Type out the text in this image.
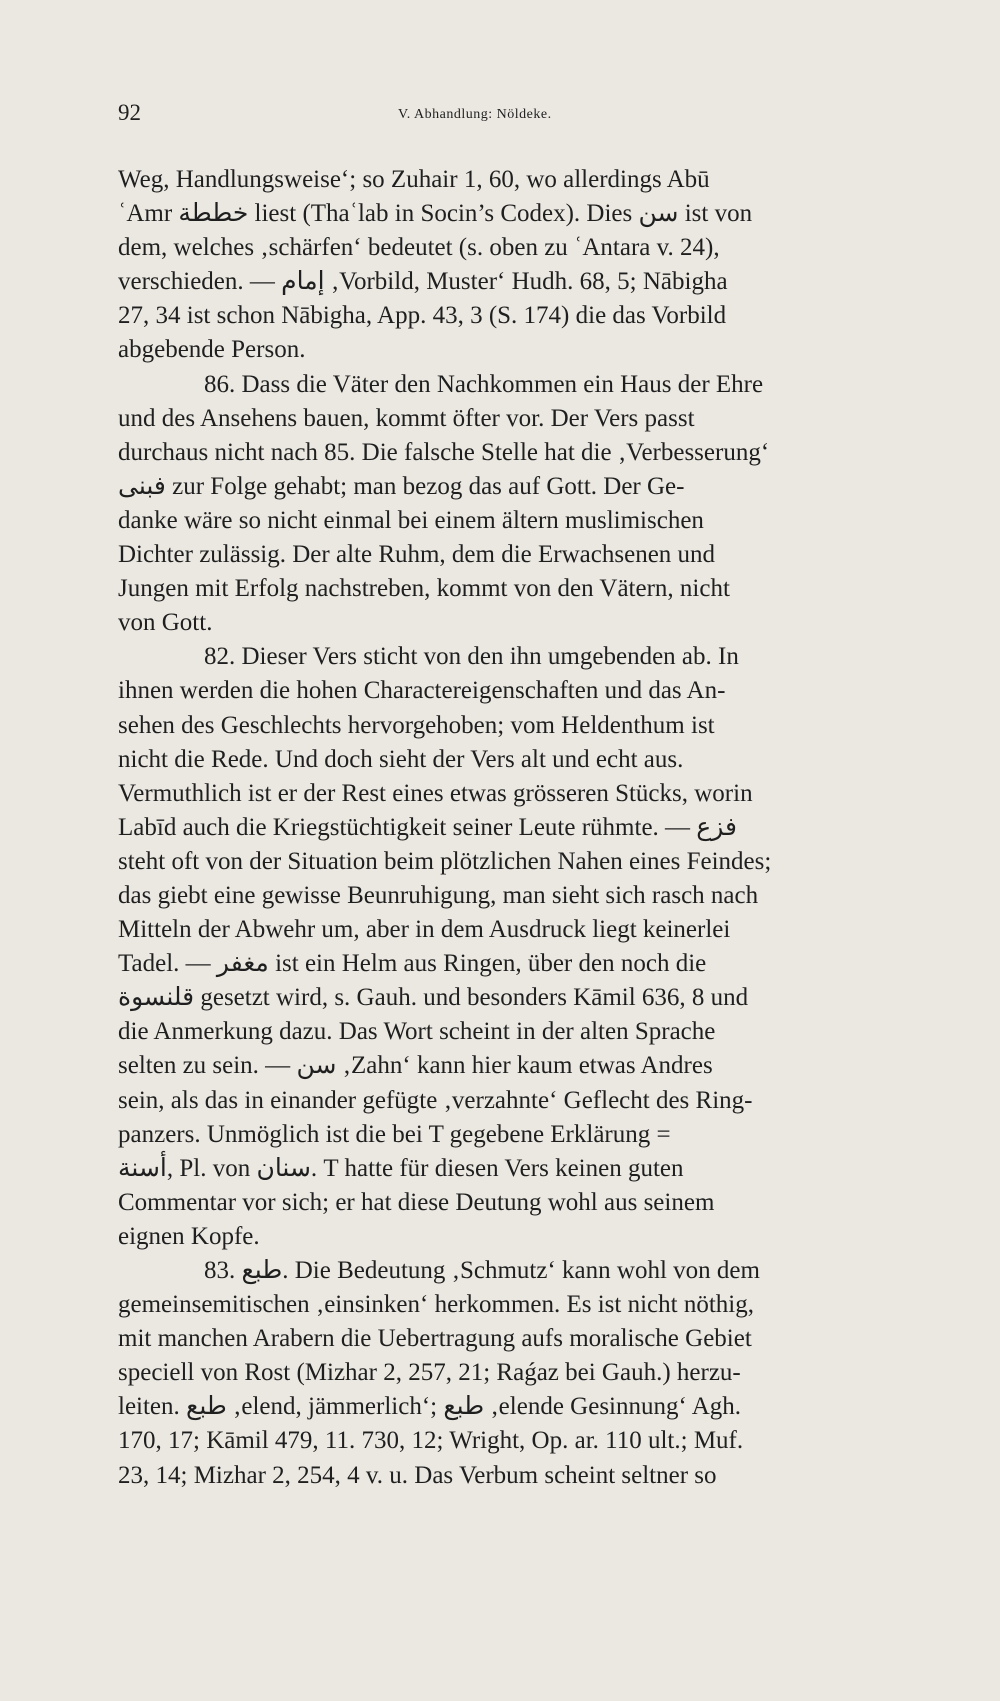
92	V. Abhandlung: Nöldeke.

Weg, Handlungsweise‘; so Zuhair 1, 60, wo allerdings Abū

ʿAmr خططة liest (Thaʿlab in Socin’s Codex). Dies سن ist von

dem, welches ‚schärfen‘ bedeutet (s. oben zu ʿAntara v. 24),

verschieden. — إمام ‚Vorbild, Muster‘ Hudh. 68, 5; Nābigha

27, 34 ist schon Nābigha, App. 43, 3 (S. 174) die das Vorbild

abgebende Person.

86. Dass die Väter den Nachkommen ein Haus der Ehre

und des Ansehens bauen, kommt öfter vor. Der Vers passt

durchaus nicht nach 85. Die falsche Stelle hat die ‚Verbesserung‘

فبنى zur Folge gehabt; man bezog das auf Gott. Der Ge-

danke wäre so nicht einmal bei einem ältern muslimischen

Dichter zulässig. Der alte Ruhm, dem die Erwachsenen und

Jungen mit Erfolg nachstreben, kommt von den Vätern, nicht

von Gott.

82. Dieser Vers sticht von den ihn umgebenden ab. In

ihnen werden die hohen Charactereigenschaften und das An-

sehen des Geschlechts hervorgehoben; vom Heldenthum ist

nicht die Rede. Und doch sieht der Vers alt und echt aus.

Vermuthlich ist er der Rest eines etwas grösseren Stücks, worin

Labīd auch die Kriegstüchtigkeit seiner Leute rühmte. — فزع

steht oft von der Situation beim plötzlichen Nahen eines Feindes;

das giebt eine gewisse Beunruhigung, man sieht sich rasch nach

Mitteln der Abwehr um, aber in dem Ausdruck liegt keinerlei

Tadel. — مغفر ist ein Helm aus Ringen, über den noch die

قلنسوة gesetzt wird, s. Gauh. und besonders Kāmil 636, 8 und

die Anmerkung dazu. Das Wort scheint in der alten Sprache

selten zu sein. — سن ‚Zahn‘ kann hier kaum etwas Andres

sein, als das in einander gefügte ‚verzahnte‘ Geflecht des Ring-

panzers. Unmöglich ist die bei T gegebene Erklärung =

أسنة, Pl. von سنان. T hatte für diesen Vers keinen guten

Commentar vor sich; er hat diese Deutung wohl aus seinem

eignen Kopfe.

83. طبع. Die Bedeutung ‚Schmutz‘ kann wohl von dem

gemeinsemitischen ‚einsinken‘ herkommen. Es ist nicht nöthig,

mit manchen Arabern die Uebertragung aufs moralische Gebiet

speciell von Rost (Mizhar 2, 257, 21; Raǵaz bei Gauh.) herzu-

leiten. طبع ‚elend, jämmerlich‘; طبع ‚elende Gesinnung‘ Agh.

170, 17; Kāmil 479, 11. 730, 12; Wright, Op. ar. 110 ult.; Muf.

23, 14; Mizhar 2, 254, 4 v. u. Das Verbum scheint seltner so
